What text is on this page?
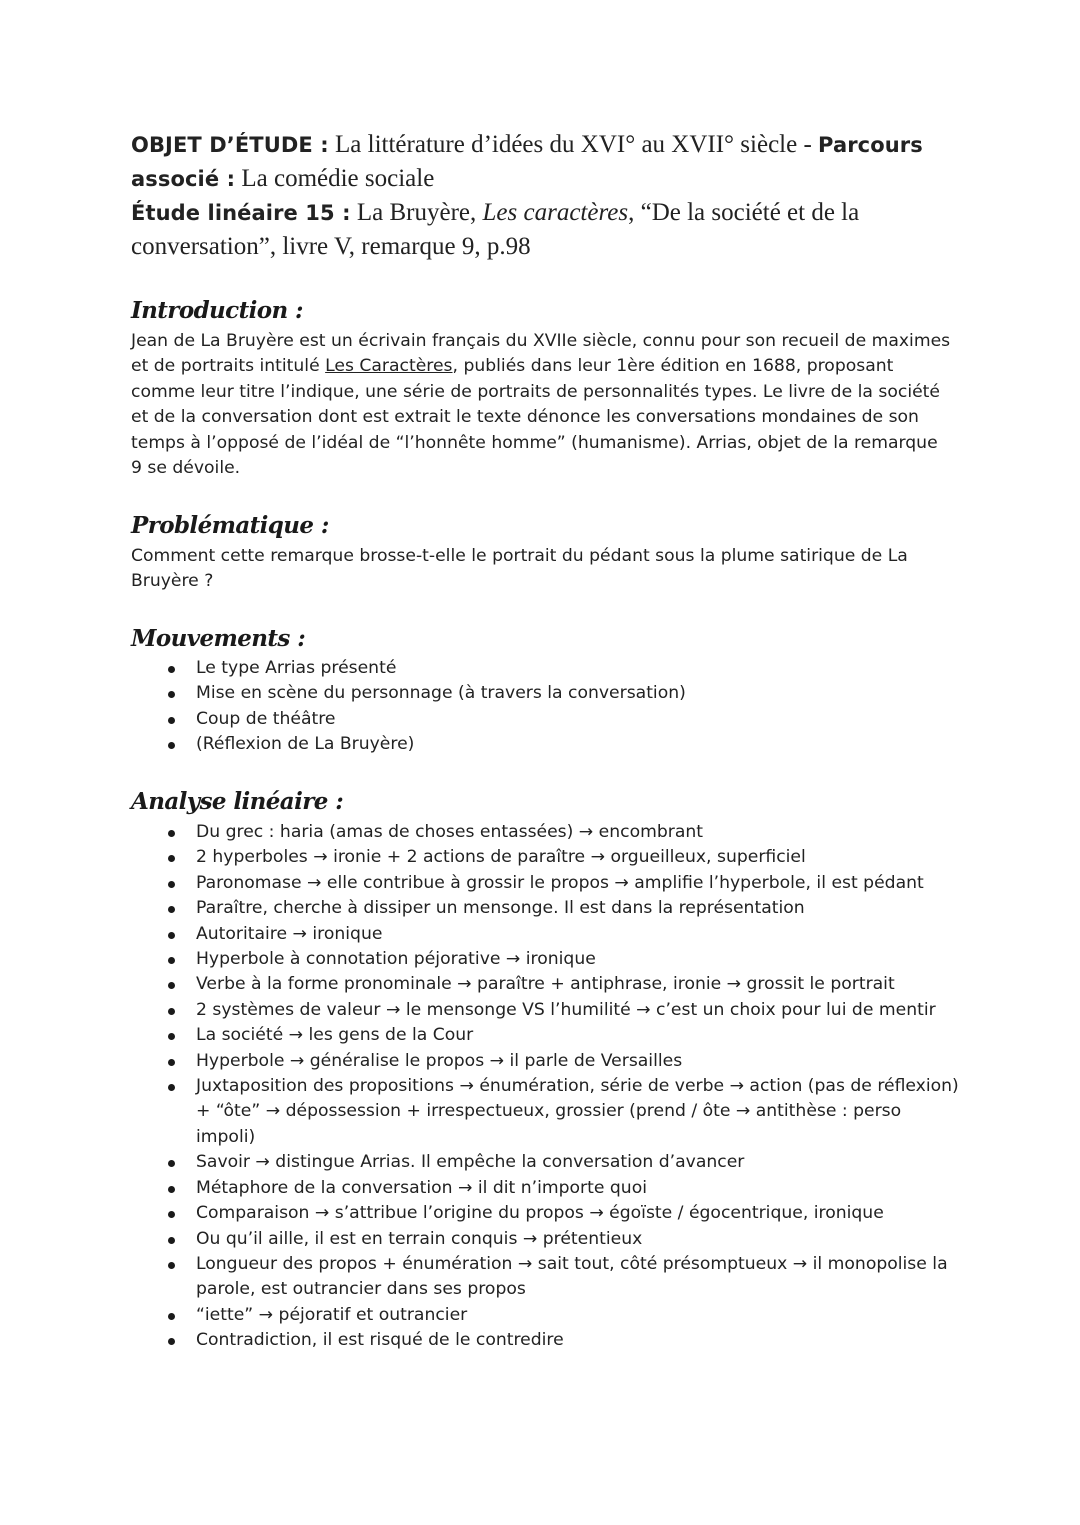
OBJET D’ÉTUDE : La littérature d’idées du XVI° au XVII° siècle - Parcours associé : La comédie sociale
Étude linéaire 15 : La Bruyère, Les caractères, “De la société et de la conversation”, livre V, remarque 9, p.98
Introduction :

Jean de La Bruyère est un écrivain français du XVIIe siècle, connu pour son recueil de maximes et de portraits intitulé Les Caractères, publiés dans leur 1ère édition en 1688, proposant comme leur titre l’indique, une série de portraits de personnalités types. Le livre de la société et de la conversation dont est extrait le texte dénonce les conversations mondaines de son temps à l’opposé de l’idéal de “l’honnête homme” (humanisme). Arrias, objet de la remarque 9 se dévoile.

Problématique :

Comment cette remarque brosse-t-elle le portrait du pédant sous la plume satirique de La Bruyère ?

Mouvements :
Le type Arrias présenté
Mise en scène du personnage (à travers la conversation)
Coup de théâtre
(Réflexion de La Bruyère)
Analyse linéaire :
Du grec : haria (amas de choses entassées) → encombrant
2 hyperboles → ironie + 2 actions de paraître → orgueilleux, superficiel
Paronomase → elle contribue à grossir le propos → amplifie l’hyperbole, il est pédant
Paraître, cherche à dissiper un mensonge. Il est dans la représentation
Autoritaire → ironique
Hyperbole à connotation péjorative → ironique
Verbe à la forme pronominale → paraître + antiphrase, ironie → grossit le portrait
2 systèmes de valeur → le mensonge VS l’humilité → c’est un choix pour lui de mentir
La société → les gens de la Cour
Hyperbole → généralise le propos → il parle de Versailles
Juxtaposition des propositions → énumération, série de verbe → action (pas de réflexion) + “ôte” → dépossession + irrespectueux, grossier (prend / ôte → antithèse : perso impoli)
Savoir → distingue Arrias. Il empêche la conversation d’avancer
Métaphore de la conversation → il dit n’importe quoi
Comparaison → s’attribue l’origine du propos → égoïste / égocentrique, ironique
Ou qu’il aille, il est en terrain conquis → prétentieux
Longueur des propos + énumération → sait tout, côté présomptueux → il monopolise la parole, est outrancier dans ses propos
“iette” → péjoratif et outrancier
Contradiction, il est risqué de le contredire
